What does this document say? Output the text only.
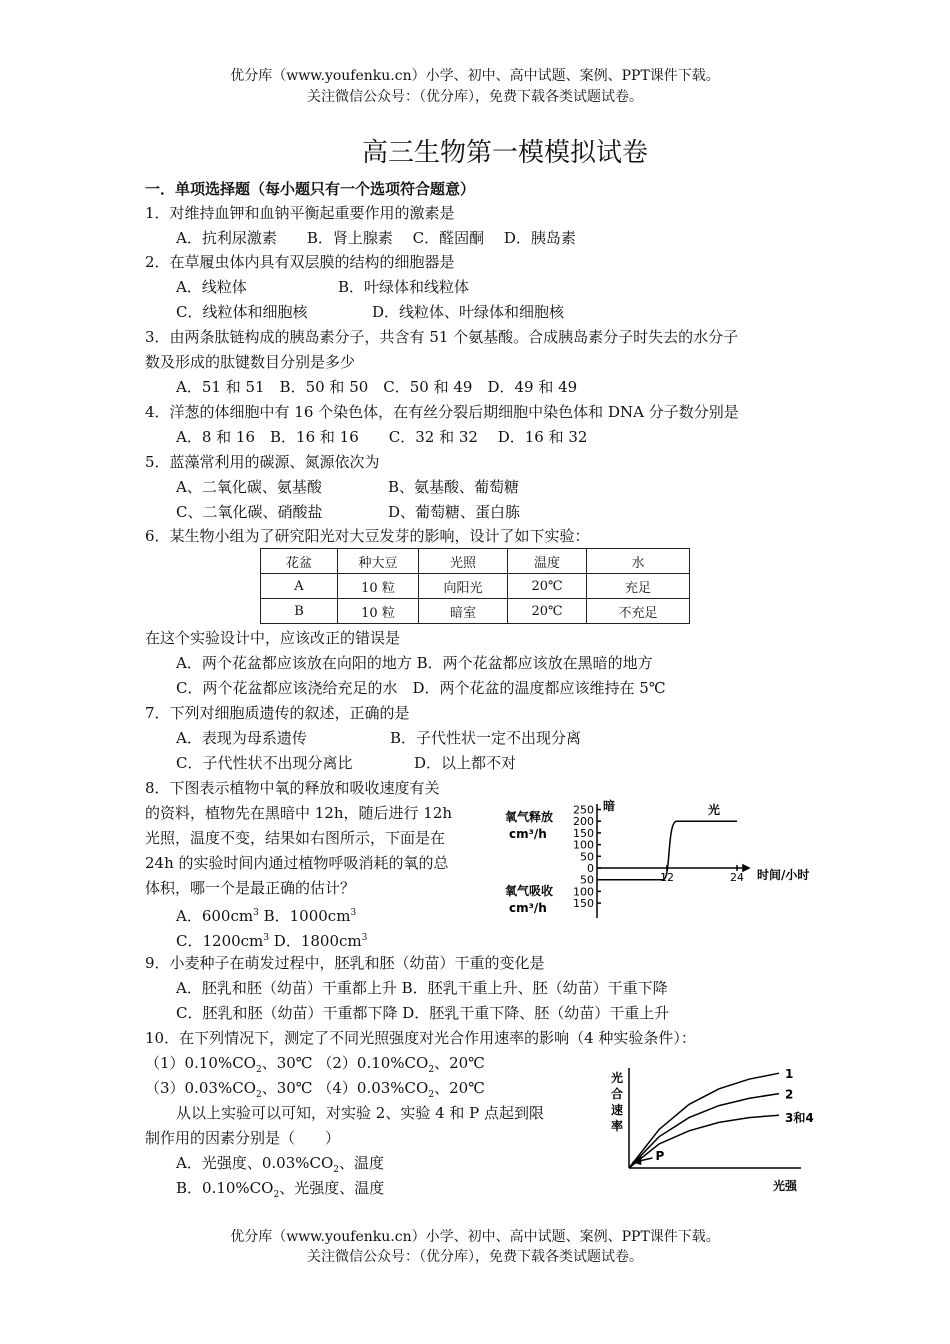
优分库（www.youfenku.cn）小学、初中、高中试题、案例、PPT课件下载。
关注微信公众号：（优分库），免费下载各类试题试卷。
高三生物第一模模拟试卷
一．单项选择题（每小题只有一个选项符合题意）
1．对维持血钾和血钠平衡起重要作用的激素是
A．抗利尿激素　　B．肾上腺素　 C．醛固酮　 D．胰岛素
2．在草履虫体内具有双层膜的结构的细胞器是
A．线粒体	B．叶绿体和线粒体
C．线粒体和细胞核	D．线粒体、叶绿体和细胞核
3．由两条肽链构成的胰岛素分子，共含有 51 个氨基酸。合成胰岛素分子时失去的水分子
数及形成的肽键数目分别是多少
A．51 和 51　B．50 和 50　C．50 和 49　D．49 和 49
4．洋葱的体细胞中有 16 个染色体，在有丝分裂后期细胞中染色体和 DNA 分子数分别是
A．8 和 16　B．16 和 16　　C．32 和 32　 D．16 和 32
5．蓝藻常利用的碳源、氮源依次为
A、二氧化碳、氨基酸	B、氨基酸、葡萄糖
C、二氧化碳、硝酸盐	D、葡萄糖、蛋白胨
6．某生物小组为了研究阳光对大豆发芽的影响，设计了如下实验：
花盆	种大豆	光照	温度	水
A	10 粒	向阳光	20℃	充足
B	10 粒	暗室	20℃	不充足
在这个实验设计中，应该改正的错误是
A．两个花盆都应该放在向阳的地方 B．两个花盆都应该放在黑暗的地方
C．两个花盆都应该浇给充足的水　D．两个花盆的温度都应该维持在 5℃
7．下列对细胞质遗传的叙述，正确的是
A．表现为母系遗传	B．子代性状一定不出现分离
C．子代性状不出现分离比	D．以上都不对
8．下图表示植物中氧的释放和吸收速度有关
的资料，植物先在黑暗中 12h，随后进行 12h
光照，温度不变，结果如右图所示，下面是在
24h 的实验时间内通过植物呼吸消耗的氧的总
体积，哪一个是最正确的估计？
A．$600cm^3$ B．$1000cm^3$
C．$1200cm^3$ D．$1800cm^3$
氧气释放
cm³/h
氧气吸收
cm³/h
暗	光
时间/小时
250
200
150
100
50
0
50
100
150
12	24
9．小麦种子在萌发过程中，胚乳和胚（幼苗）干重的变化是
A．胚乳和胚（幼苗）干重都上升 B．胚乳干重上升、胚（幼苗）干重下降
C．胚乳和胚（幼苗）干重都下降 D．胚乳干重下降、胚（幼苗）干重上升
10．在下列情况下，测定了不同光照强度对光合作用速率的影响（4 种实验条件）：
$(1)0.10\%CO_2$、30℃ $(2)0.10\%CO_2$、20℃
$(3)0.03\%CO_2$、30℃ $(4)0.03\%CO_2$、20℃
从以上实验可以可知，对实验 2、实验 4 和 P 点起到限
制作用的因素分别是（　　）
A．光强度、$0.03\%CO_2$、温度
B．$0.10\%CO_2$、光强度、温度
光
合
速
率
光强
1
2
3和4
P
优分库（www.youfenku.cn）小学、初中、高中试题、案例、PPT课件下载。
关注微信公众号：（优分库），免费下载各类试题试卷。
